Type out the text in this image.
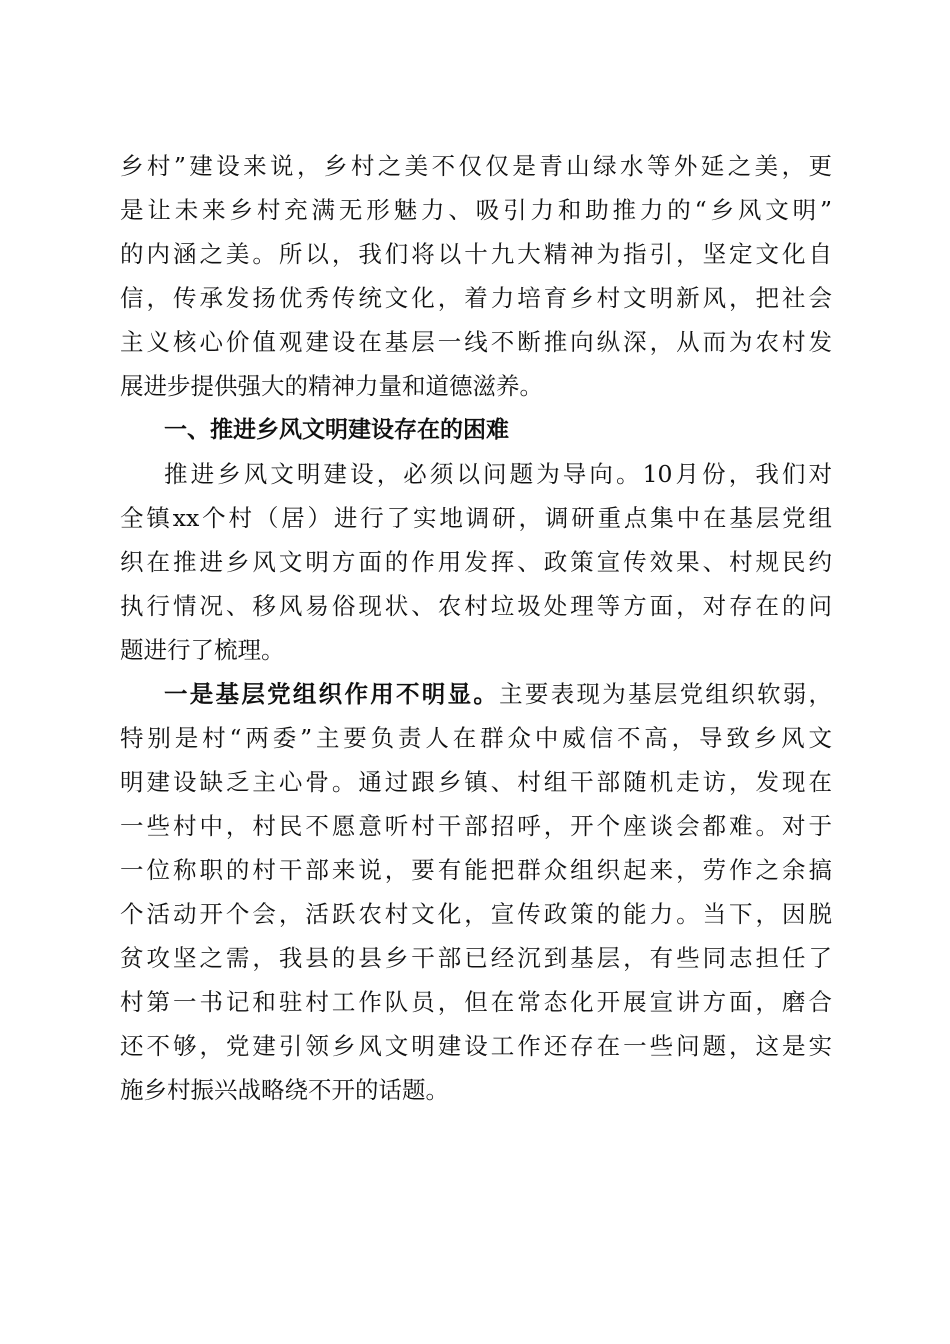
乡村”建设来说，乡村之美不仅仅是青山绿水等外延之美，更
是让未来乡村充满无形魅力、吸引力和助推力的“乡风文明”
的内涵之美。所以，我们将以十九大精神为指引，坚定文化自
信，传承发扬优秀传统文化，着力培育乡村文明新风，把社会
主义核心价值观建设在基层一线不断推向纵深，从而为农村发
展进步提供强大的精神力量和道德滋养。
一、推进乡风文明建设存在的困难
推进乡风文明建设，必须以问题为导向。10月份，我们对
全镇xx个村（居）进行了实地调研，调研重点集中在基层党组
织在推进乡风文明方面的作用发挥、政策宣传效果、村规民约
执行情况、移风易俗现状、农村垃圾处理等方面，对存在的问
题进行了梳理。
一是基层党组织作用不明显。主要表现为基层党组织软弱，
特别是村“两委”主要负责人在群众中威信不高，导致乡风文
明建设缺乏主心骨。通过跟乡镇、村组干部随机走访，发现在
一些村中，村民不愿意听村干部招呼，开个座谈会都难。对于
一位称职的村干部来说，要有能把群众组织起来，劳作之余搞
个活动开个会，活跃农村文化，宣传政策的能力。当下，因脱
贫攻坚之需，我县的县乡干部已经沉到基层，有些同志担任了
村第一书记和驻村工作队员，但在常态化开展宣讲方面，磨合
还不够，党建引领乡风文明建设工作还存在一些问题，这是实
施乡村振兴战略绕不开的话题。
